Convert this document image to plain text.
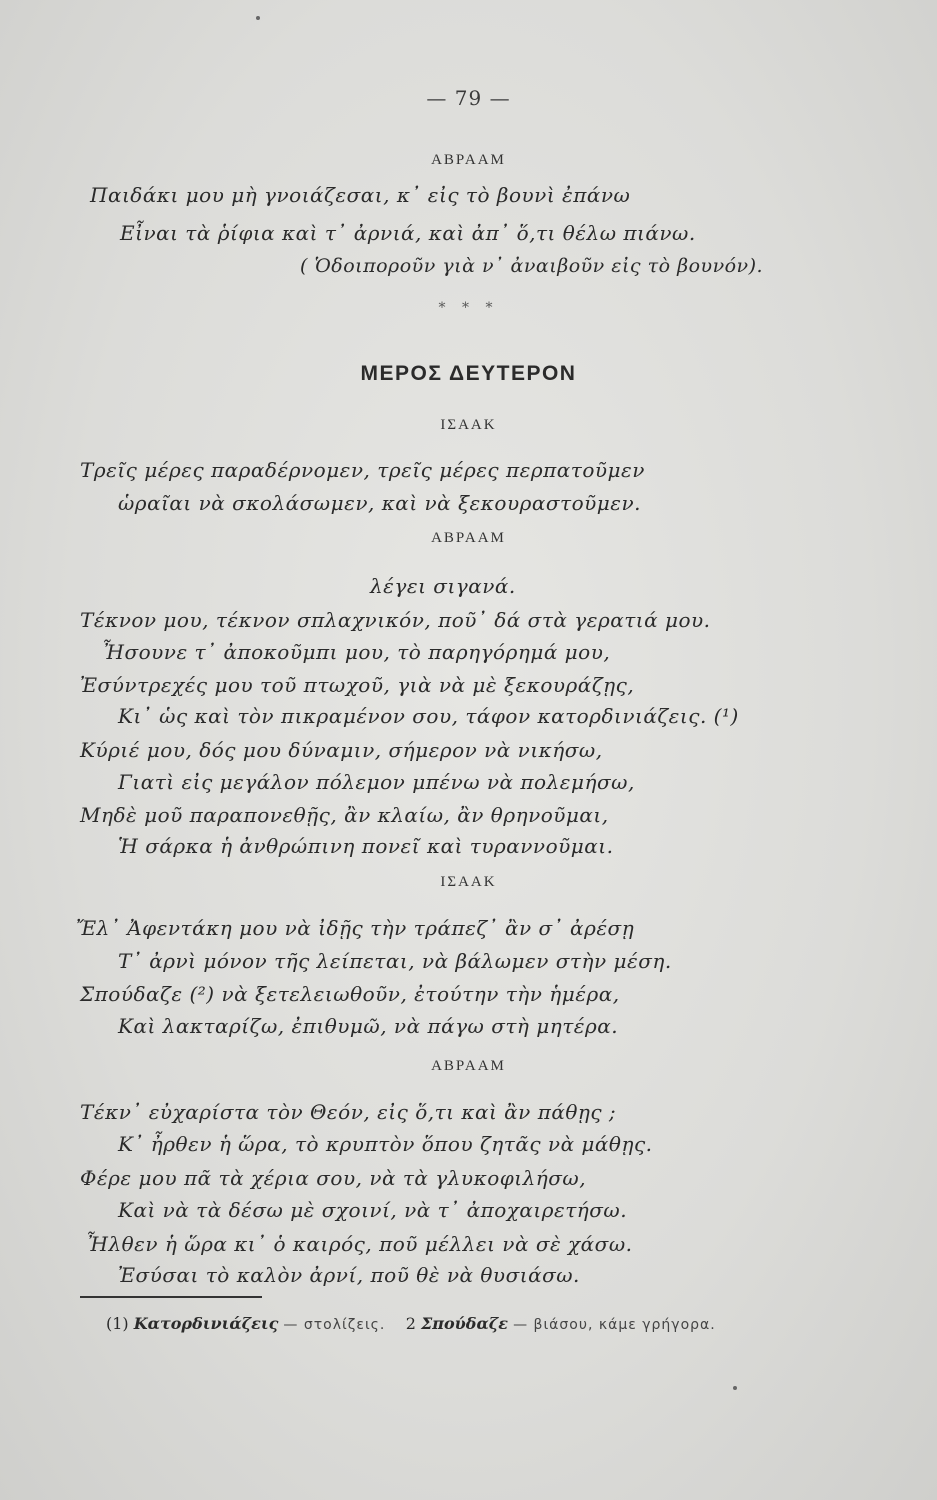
— 79 —
ΑΒΡΑΑΜ
Παιδάκι μου μὴ γνοιάζεσαι, κ᾿ εἰς τὸ βουνὶ ἐπάνω
Εἶναι τὰ ῥίφια καὶ τ᾿ ἀρνιά, καὶ ἀπ᾿ ὅ,τι θέλω πιάνω.
( Ὁδοιποροῦν γιὰ ν᾿ ἀναιβοῦν εἰς τὸ βουνόν).
* * *
ΜΕΡΟΣ ΔΕΥΤΕΡΟΝ
ΙΣΑΑΚ
Τρεῖς μέρες παραδέρνομεν, τρεῖς μέρες περπατοῦμεν
ὡραῖαι νὰ σκολάσωμεν, καὶ νὰ ξεκουραστοῦμεν.
ΑΒΡΑΑΜ
λέγει σιγανά.
Τέκνον μου, τέκνον σπλαχνικόν, ποῦ᾿ δά στὰ γερατιά μου.
Ἦσουνε τ᾿ ἀποκοῦμπι μου, τὸ παρηγόρημά μου,
Ἐσύντρεχές μου τοῦ πτωχοῦ, γιὰ νὰ μὲ ξεκουράζῃς,
Κι᾿ ὡς καὶ τὸν πικραμένον σου, τάφον κατορδινιάζεις. (¹)
Κύριέ μου, δός μου δύναμιν, σήμερον νὰ νικήσω,
Γιατὶ εἰς μεγάλον πόλεμον μπένω νὰ πολεμήσω,
Μηδὲ μοῦ παραπονεθῇς, ἂν κλαίω, ἂν θρηνοῦμαι,
Ἡ σάρκα ἡ ἀνθρώπινη πονεῖ καὶ τυραννοῦμαι.
ΙΣΑΑΚ
Ἔλ᾿ Ἀφεντάκη μου νὰ ἰδῇς τὴν τράπεζ᾿ ἂν σ᾿ ἀρέσῃ
Τ᾿ ἀρνὶ μόνον τῆς λείπεται, νὰ βάλωμεν στὴν μέση.
Σπούδαζε (²) νὰ ξετελειωθοῦν, ἐτούτην τὴν ἡμέρα,
Καὶ λακταρίζω, ἐπιθυμῶ, νὰ πάγω στὴ μητέρα.
ΑΒΡΑΑΜ
Τέκν᾿ εὐχαρίστα τὸν Θεόν, εἰς ὅ,τι καὶ ἂν πάθῃς ;
Κ᾿ ἦρθεν ἡ ὥρα, τὸ κρυπτὸν ὅπου ζητᾶς νὰ μάθῃς.
Φέρε μου πᾶ τὰ χέρια σου, νὰ τὰ γλυκοφιλήσω,
Καὶ νὰ τὰ δέσω μὲ σχοινί, νὰ τ᾿ ἀποχαιρετήσω.
Ἦλθεν ἡ ὥρα κι᾿ ὁ καιρός, ποῦ μέλλει νὰ σὲ χάσω.
Ἐσύσαι τὸ καλὸν ἀρνί, ποῦ θὲ νὰ θυσιάσω.
(1) Κατορδινιάζεις — στολίζεις. 2 Σπούδαζε — βιάσου, κάμε γρήγορα.
